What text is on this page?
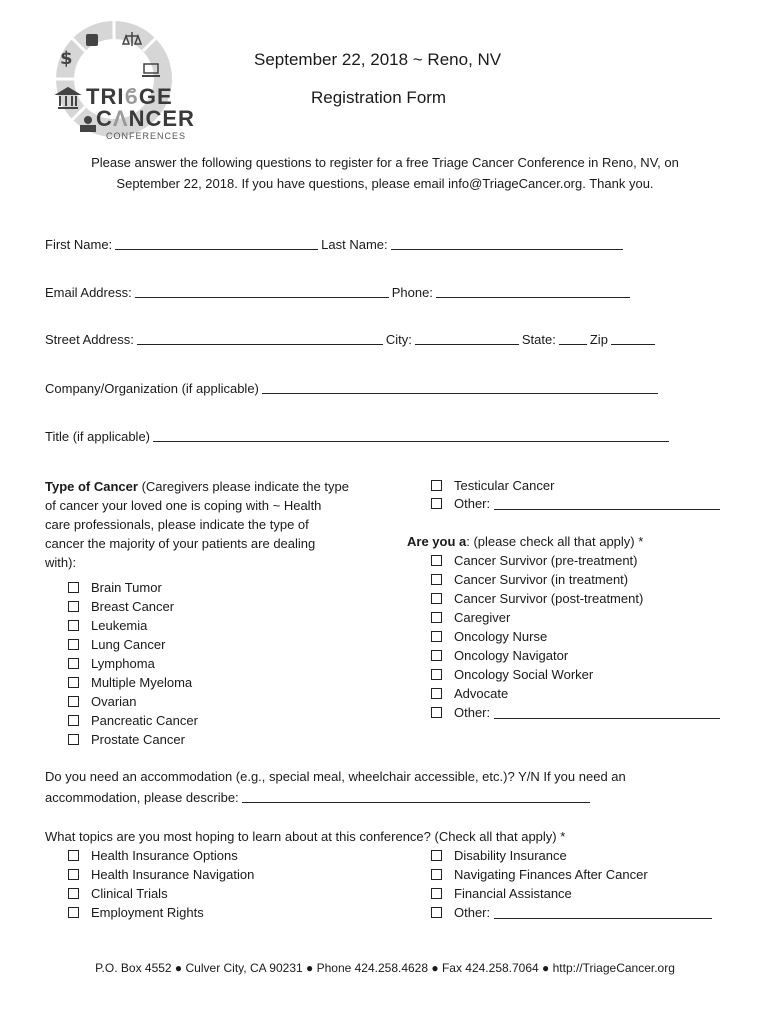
$
TRIϐGE
CΛNCER
CONFERENCES
September 22, 2018 ~ Reno, NV
Registration Form
Please answer the following questions to register for a free Triage Cancer Conference in Reno, NV, on
September 22, 2018. If you have questions, please email info@TriageCancer.org. Thank you.
First Name:	Last Name:
Email Address:	Phone:
Street Address:	City:	State:	Zip
Company/Organization (if applicable)
Title (if applicable)
Type of Cancer (Caregivers please indicate the type
of cancer your loved one is coping with ~ Health
care professionals, please indicate the type of
cancer the majority of your patients are dealing
with):
Brain Tumor
Breast Cancer
Leukemia
Lung Cancer
Lymphoma
Multiple Myeloma
Ovarian
Pancreatic Cancer
Prostate Cancer
Testicular Cancer
Other:
Are you a: (please check all that apply) *
Cancer Survivor (pre-treatment)
Cancer Survivor (in treatment)
Cancer Survivor (post-treatment)
Caregiver
Oncology Nurse
Oncology Navigator
Oncology Social Worker
Advocate
Other:
Do you need an accommodation (e.g., special meal, wheelchair accessible, etc.)? Y/N If you need an
accommodation, please describe:
What topics are you most hoping to learn about at this conference? (Check all that apply) *
Health Insurance Options
Health Insurance Navigation
Clinical Trials
Employment Rights
Disability Insurance
Navigating Finances After Cancer
Financial Assistance
Other:
P.O. Box 4552 ● Culver City, CA 90231 ● Phone 424.258.4628 ● Fax 424.258.7064 ● http://TriageCancer.org
